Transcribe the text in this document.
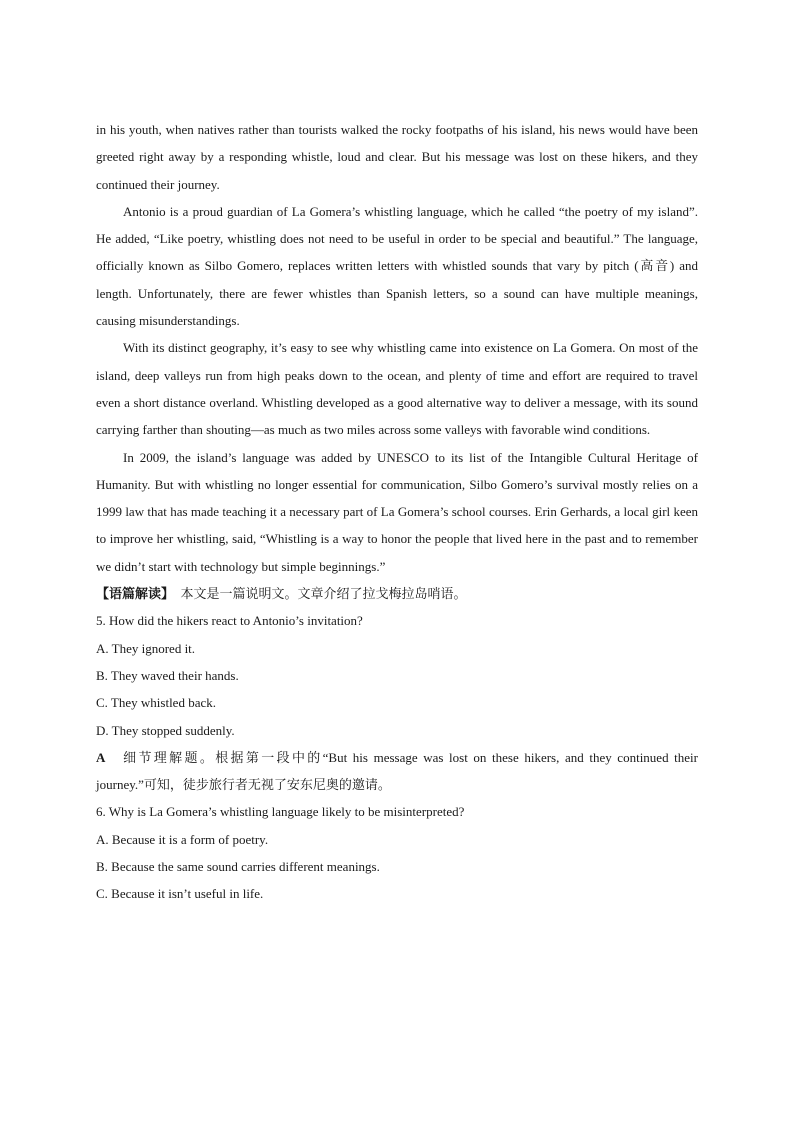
in his youth, when natives rather than tourists walked the rocky footpaths of his island, his news would have been greeted right away by a responding whistle, loud and clear. But his message was lost on these hikers, and they continued their journey.

Antonio is a proud guardian of La Gomera’s whistling language, which he called “the poetry of my island”. He added, “Like poetry, whistling does not need to be useful in order to be special and beautiful.” The language, officially known as Silbo Gomero, replaces written letters with whistled sounds that vary by pitch (高音) and length. Unfortunately, there are fewer whistles than Spanish letters, so a sound can have multiple meanings, causing misunderstandings.

With its distinct geography, it’s easy to see why whistling came into existence on La Gomera. On most of the island, deep valleys run from high peaks down to the ocean, and plenty of time and effort are required to travel even a short distance overland. Whistling developed as a good alternative way to deliver a message, with its sound carrying farther than shouting—as much as two miles across some valleys with favorable wind conditions.

In 2009, the island’s language was added by UNESCO to its list of the Intangible Cultural Heritage of Humanity. But with whistling no longer essential for communication, Silbo Gomero’s survival mostly relies on a 1999 law that has made teaching it a necessary part of La Gomera’s school courses. Erin Gerhards, a local girl keen to improve her whistling, said, “Whistling is a way to honor the people that lived here in the past and to remember we didn’t start with technology but simple beginnings.”

【语篇解读】　本文是一篇说明文。文章介绍了拉戈梅拉岛哨语。

5. How did the hikers react to Antonio’s invitation?

A. They ignored it.

B. They waved their hands.

C. They whistled back.

D. They stopped suddenly.

A　细节理解题。根据第一段中的“But his message was lost on these hikers, and they continued their journey.”可知，徒步旅行者无视了安东尼奥的邀请。

6. Why is La Gomera’s whistling language likely to be misinterpreted?

A. Because it is a form of poetry.

B. Because the same sound carries different meanings.

C. Because it isn’t useful in life.
